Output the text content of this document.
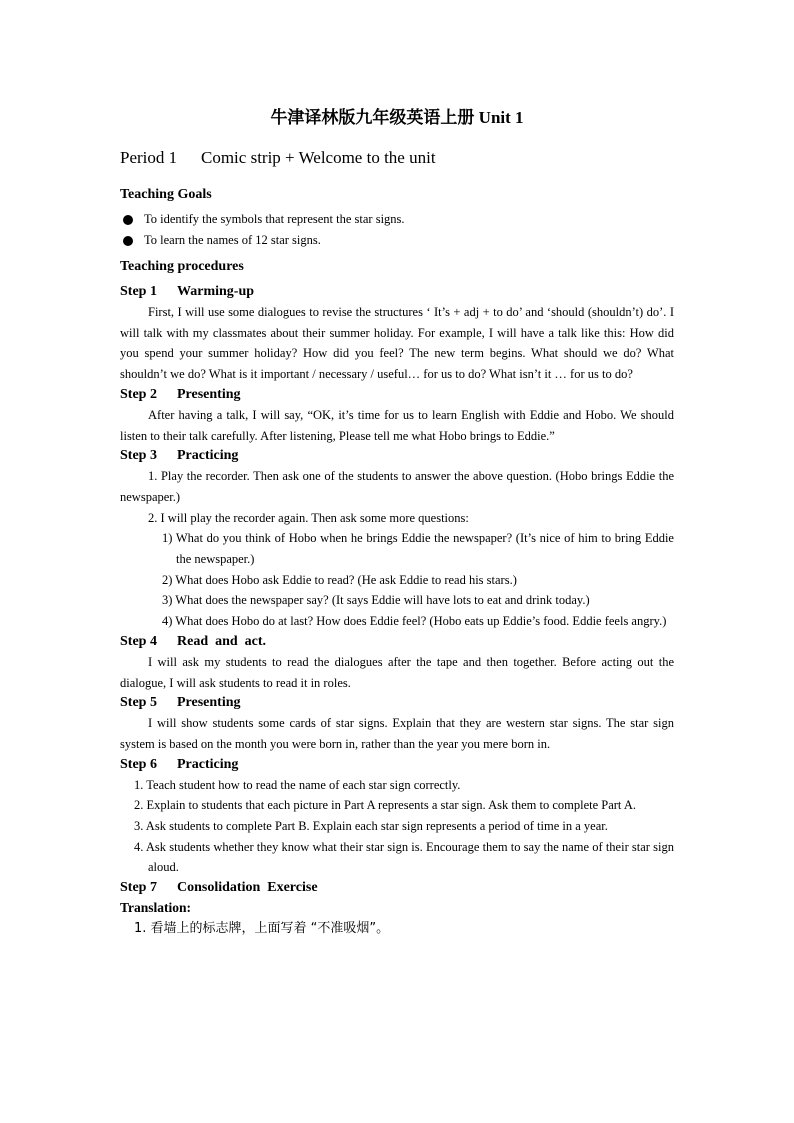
牛津译林版九年级英语上册 Unit 1
Period 1 Comic strip + Welcome to the unit
Teaching Goals
To identify the symbols that represent the star signs.
To learn the names of 12 star signs.
Teaching procedures
Step 1 Warming-up
First, I will use some dialogues to revise the structures ‘ It’s + adj + to do’ and ‘should (shouldn’t) do’. I will talk with my classmates about their summer holiday. For example, I will have a talk like this: How did you spend your summer holiday? How did you feel? The new term begins. What should we do? What shouldn’t we do? What is it important / necessary / useful… for us to do? What isn’t it … for us to do?
Step 2 Presenting
After having a talk, I will say, “OK, it’s time for us to learn English with Eddie and Hobo. We should listen to their talk carefully. After listening, Please tell me what Hobo brings to Eddie.”
Step 3 Practicing
1. Play the recorder. Then ask one of the students to answer the above question. (Hobo brings Eddie the newspaper.)
2. I will play the recorder again. Then ask some more questions:
1) What do you think of Hobo when he brings Eddie the newspaper? (It’s nice of him to bring Eddie the newspaper.)
2) What does Hobo ask Eddie to read? (He ask Eddie to read his stars.)
3) What does the newspaper say? (It says Eddie will have lots to eat and drink today.)
4) What does Hobo do at last? How does Eddie feel? (Hobo eats up Eddie’s food. Eddie feels angry.)
Step 4 Read  and  act.
I will ask my students to read the dialogues after the tape and then together. Before acting out the dialogue, I will ask students to read it in roles.
Step 5 Presenting
I will show students some cards of star signs. Explain that they are western star signs. The star sign system is based on the month you were born in, rather than the year you mere born in.
Step 6 Practicing
1. Teach student how to read the name of each star sign correctly.
2. Explain to students that each picture in Part A represents a star sign. Ask them to complete Part A.
3. Ask students to complete Part B. Explain each star sign represents a period of time in a year.
4. Ask students whether they know what their star sign is. Encourage them to say the name of their star sign aloud.
Step 7 Consolidation  Exercise
Translation:
1. 看墙上的标志牌，上面写着 “不准吸烟”。
